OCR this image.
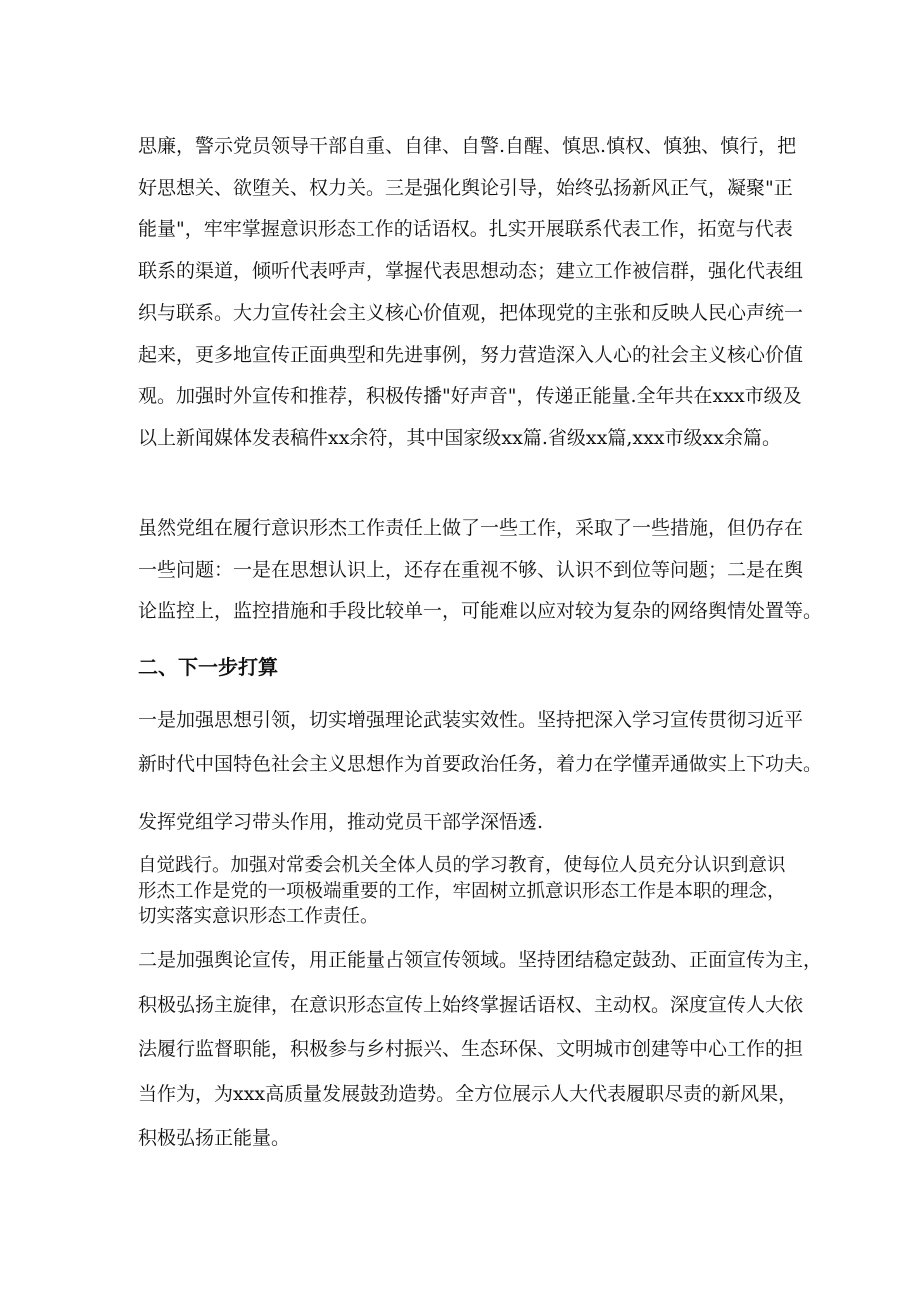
思廉，警示党员领导干部自重、自律、自警.自醒、慎思.慎权、慎独、慎行，把
好思想关、欲堕关、权力关。三是强化舆论引导，始终弘扬新风正气，凝聚"正
能量"，牢牢掌握意识形态工作的话语权。扎实开展联系代表工作，拓宽与代表
联系的渠道，倾听代表呼声，掌握代表思想动态；建立工作被信群，强化代表组
织与联系。大力宣传社会主义核心价值观，把体现党的主张和反映人民心声统一
起来，更多地宣传正面典型和先进事例，努力营造深入人心的社会主义核心价值
观。加强时外宣传和推荐，积极传播"好声音"，传递正能量.全年共在xxx市级及
以上新闻媒体发表稿件xx余符，其中国家级xx篇.省级xx篇,xxx市级xx余篇。

虽然党组在履行意识形杰工作责任上做了一些工作，采取了一些措施，但仍存在
一些问题：一是在思想认识上，还存在重视不够、认识不到位等问题；二是在舆
论监控上，监控措施和手段比较单一，可能难以应对较为复杂的网络舆情处置等。

二、下一步打算

一是加强思想引领，切实增强理论武装实效性。坚持把深入学习宣传贯彻习近平
新时代中国特色社会主义思想作为首要政治任务，着力在学懂弄通做实上下功夫。

发挥党组学习带头作用，推动党员干部学深悟透.

自觉践行。加强对常委会机关全体人员的学习教育，使每位人员充分认识到意识
形杰工作是党的一项极端重要的工作，牢固树立抓意识形态工作是本职的理念，
切实落实意识形态工作责任。

二是加强舆论宣传，用正能量占领宣传领域。坚持团结稳定鼓劲、正面宣传为主，
积极弘扬主旋律，在意识形态宣传上始终掌握话语权、主动权。深度宣传人大依
法履行监督职能，积极参与乡村振兴、生态环保、文明城市创建等中心工作的担
当作为，为xxx高质量发展鼓劲造势。全方位展示人大代表履职尽责的新风果，
积极弘扬正能量。
